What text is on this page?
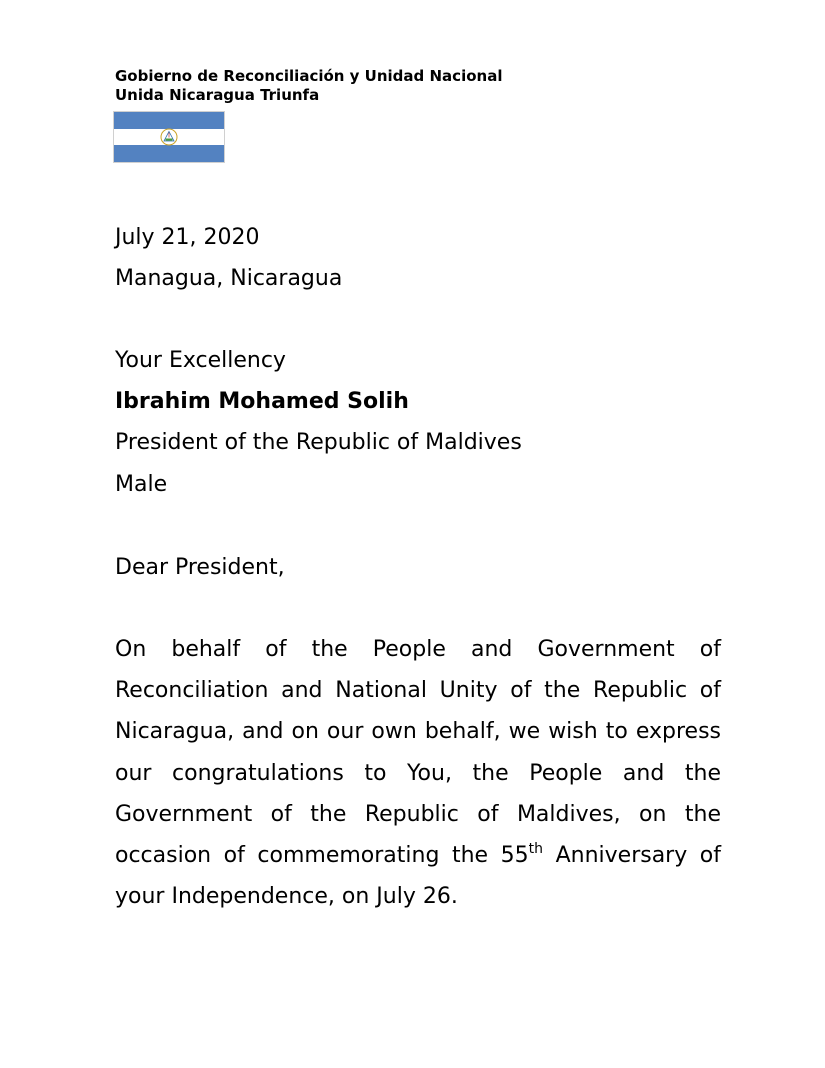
Gobierno de Reconciliación y Unidad Nacional
Unida Nicaragua Triunfa
July 21, 2020
Managua, Nicaragua
Your Excellency
Ibrahim Mohamed Solih
President of the Republic of Maldives
Male
Dear President,
On behalf of the People and Government of Reconciliation and National Unity of the Republic of Nicaragua, and on our own behalf, we wish to express our congratulations to You, the People and the Government of the Republic of Maldives, on the occasion of commemorating the 55th Anniversary of your Independence, on July 26.
